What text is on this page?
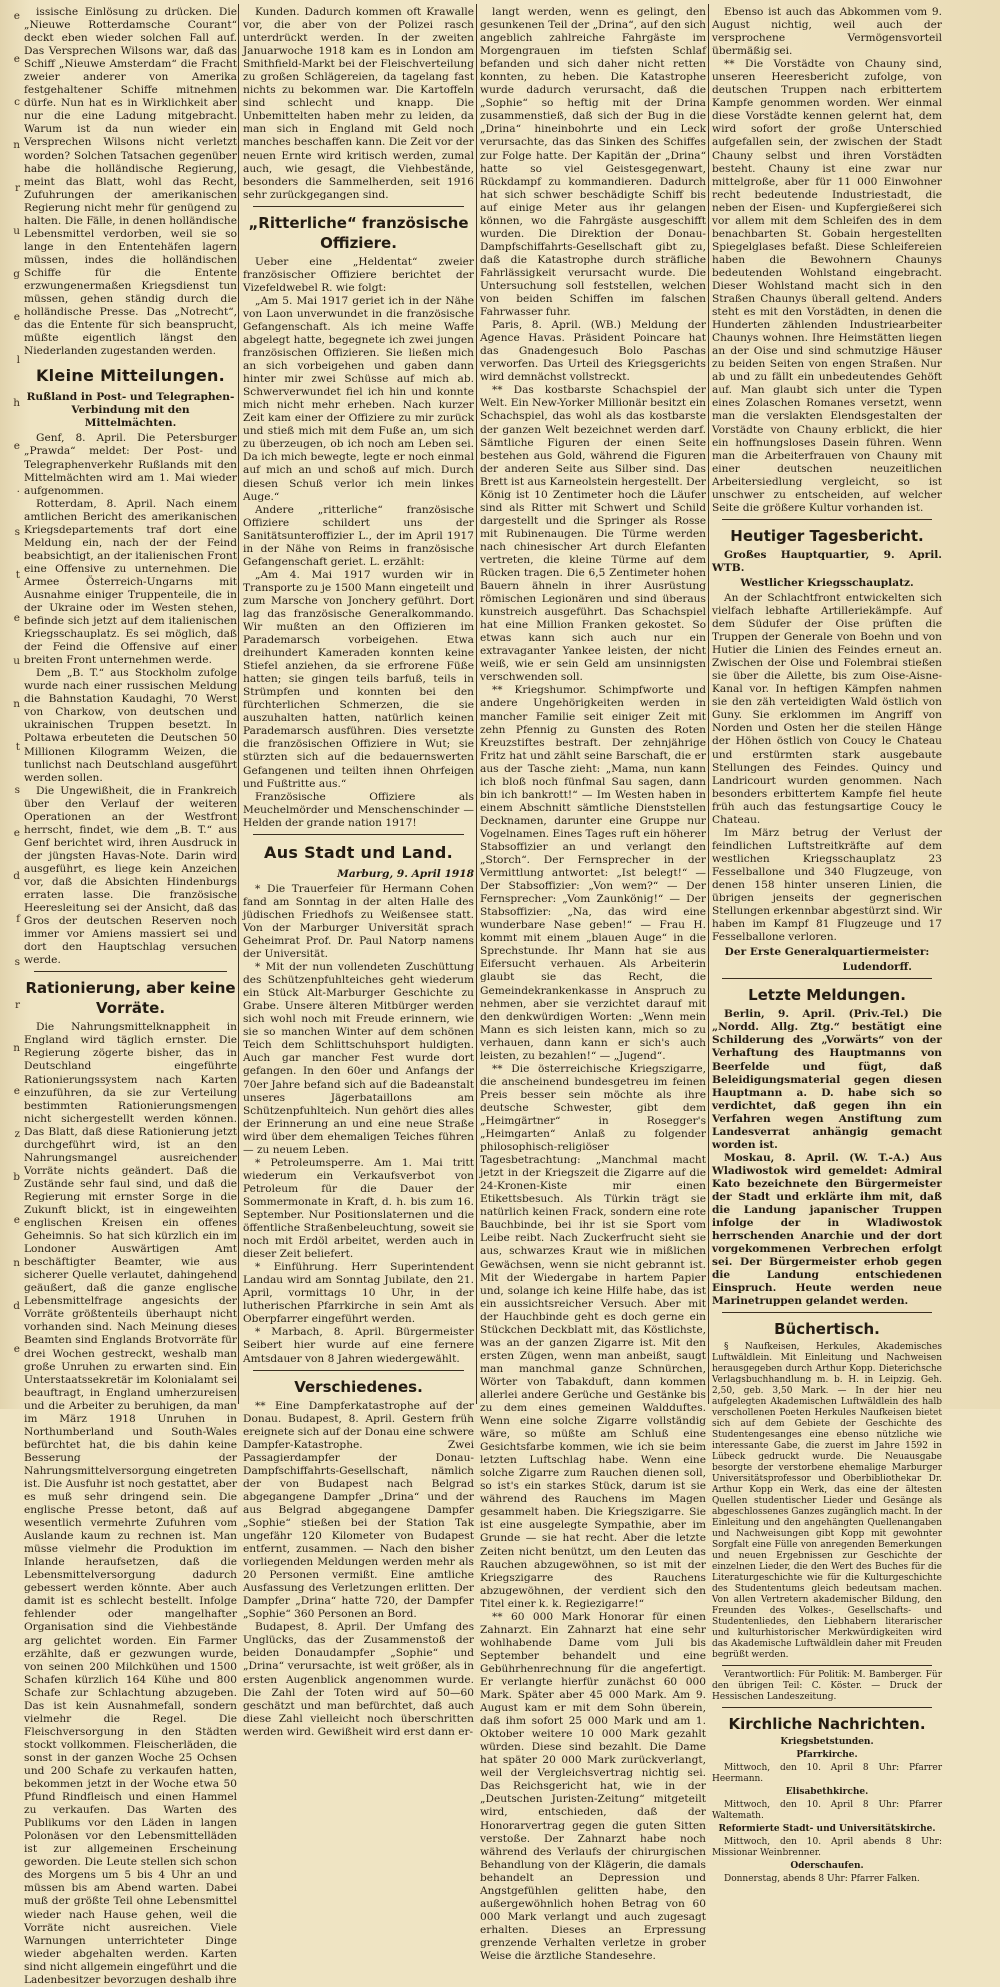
e
e
c
n
r
u
g
e
l
h
e
.
s
t
e
u
n
t
s
e
d
f
s
r
n
e
z
b
e
n
d
e

issische Einlösung zu drücken. Die „Nieuwe Rotterdamsche Courant“ deckt eben wieder solchen Fall auf. Das Versprechen Wilsons war, daß das Schiff „Nieuwe Amsterdam“ die Fracht zweier anderer von Amerika festgehaltener Schiffe mitnehmen dürfe. Nun hat es in Wirklichkeit aber nur die eine Ladung mitgebracht. Warum ist da nun wieder ein Versprechen Wilsons nicht verletzt worden? Solchen Tatsachen gegenüber habe die holländische Regierung, meint das Blatt, wohl das Recht, Zufuhrungen der amerikanischen Regierung nicht mehr für genügend zu halten. Die Fälle, in denen holländische Lebensmittel verdorben, weil sie so lange in den Ententehäfen lagern müssen, indes die holländischen Schiffe für die Entente erzwungenermaßen Kriegsdienst tun müssen, gehen ständig durch die holländische Presse. Das „Notrecht“, das die Entente für sich beansprucht, müßte eigentlich längst den Niederlanden zugestanden werden.

Kleine Mitteilungen.
Rußland in Post- und Telegraphen-Verbindung mit den Mittelmächten.

Genf, 8. April. Die Petersburger „Prawda“ meldet: Der Post- und Telegraphenverkehr Rußlands mit den Mittelmächten wird am 1. Mai wieder aufgenommen.

Rotterdam, 8. April. Nach einem amtlichen Bericht des amerikanischen Kriegsdepartements traf dort eine Meldung ein, nach der der Feind beabsichtigt, an der italienischen Front eine Offensive zu unternehmen. Die Armee Österreich-Ungarns mit Ausnahme einiger Truppenteile, die in der Ukraine oder im Westen stehen, befinde sich jetzt auf dem italienischen Kriegsschauplatz. Es sei möglich, daß der Feind die Offensive auf einer breiten Front unternehmen werde.

Dem „B. T.“ aus Stockholm zufolge wurde nach einer russischen Meldung die Bahnstation Kaudaghi, 70 Werst von Charkow, von deutschen und ukrainischen Truppen besetzt. In Poltawa erbeuteten die Deutschen 50 Millionen Kilogramm Weizen, die tunlichst nach Deutschland ausgeführt werden sollen.

Die Ungewißheit, die in Frankreich über den Verlauf der weiteren Operationen an der Westfront herrscht, findet, wie dem „B. T.“ aus Genf berichtet wird, ihren Ausdruck in der jüngsten Havas-Note. Darin wird ausgeführt, es liege kein Anzeichen vor, daß die Absichten Hindenburgs erraten lasse. Die französische Heeresleitung sei der Ansicht, daß das Gros der deutschen Reserven noch immer vor Amiens massiert sei und dort den Hauptschlag versuchen werde.

Rationierung, aber keine Vorräte.

Die Nahrungsmittelknappheit in England wird täglich ernster. Die Regierung zögerte bisher, das in Deutschland eingeführte Rationierungssystem nach Karten einzuführen, da sie zur Verteilung bestimmten Rationierungsmengen nicht sichergestellt werden können. Das Blatt, daß diese Rationierung jetzt durchgeführt wird, ist an den Nahrungsmangel ausreichender Vorräte nichts geändert. Daß die Zustände sehr faul sind, und daß die Regierung mit ernster Sorge in die Zukunft blickt, ist in eingeweihten englischen Kreisen ein offenes Geheimnis. So hat sich kürzlich ein im Londoner Auswärtigen Amt beschäftigter Beamter, wie aus sicherer Quelle verlautet, dahingehend geäußert, daß die ganze englische Lebensmittelfrage angesichts der Vorräte größtenteils überhaupt nicht vorhanden sind. Nach Meinung dieses Beamten sind Englands Brotvorräte für drei Wochen gestreckt, weshalb man große Unruhen zu erwarten sind. Ein Unterstaatssekretär im Kolonialamt sei beauftragt, in England umherzureisen und die Arbeiter zu beruhigen, da man im März 1918 Unruhen in Northumberland und South-Wales befürchtet hat, die bis dahin keine Besserung der Nahrungsmittelversorgung eingetreten ist. Die Ausfuhr ist noch gestattet, aber es muß sehr dringend sein. Die englische Presse betont, daß auf wesentlich vermehrte Zufuhren vom Auslande kaum zu rechnen ist. Man müsse vielmehr die Produktion im Inlande heraufsetzen, daß die Lebensmittelversorgung dadurch gebessert werden könnte. Aber auch damit ist es schlecht bestellt. Infolge fehlender oder mangelhafter Organisation sind die Viehbestände arg gelichtet worden. Ein Farmer erzählte, daß er gezwungen wurde, von seinen 200 Milchkühen und 1500 Schafen kürzlich 164 Kühe und 800 Schafe zur Schlachtung abzugeben. Das ist kein Ausnahmefall, sondern vielmehr die Regel. Die Fleischversorgung in den Städten stockt vollkommen. Fleischerläden, die sonst in der ganzen Woche 25 Ochsen und 200 Schafe zu verkaufen hatten, bekommen jetzt in der Woche etwa 50 Pfund Rindfleisch und einen Hammel zu verkaufen. Das Warten des Publikums vor den Läden in langen Polonäsen vor den Lebensmittelläden ist zur allgemeinen Erscheinung geworden. Die Leute stellen sich schon des Morgens um 5 bis 4 Uhr an und müssen bis am Abend warten. Dabei muß der größte Teil ohne Lebensmittel wieder nach Hause gehen, weil die Vorräte nicht ausreichen. Viele Warnungen unterrichteter Dinge wieder abgehalten werden. Karten sind nicht allgemein eingeführt und die Ladenbesitzer bevorzugen deshalb ihre

Kunden. Dadurch kommen oft Krawalle vor, die aber von der Polizei rasch unterdrückt werden. In der zweiten Januarwoche 1918 kam es in London am Smithfield-Markt bei der Fleischverteilung zu großen Schlägereien, da tagelang fast nichts zu bekommen war. Die Kartoffeln sind schlecht und knapp. Die Unbemittelten haben mehr zu leiden, da man sich in England mit Geld noch manches beschaffen kann. Die Zeit vor der neuen Ernte wird kritisch werden, zumal auch, wie gesagt, die Viehbestände, besonders die Sammelherden, seit 1916 sehr zurückgegangen sind.

„Ritterliche“ französische Offiziere.

Ueber eine „Heldentat“ zweier französischer Offiziere berichtet der Vizefeldwebel R. wie folgt:

„Am 5. Mai 1917 geriet ich in der Nähe von Laon unverwundet in die französische Gefangenschaft. Als ich meine Waffe abgelegt hatte, begegnete ich zwei jungen französischen Offizieren. Sie ließen mich an sich vorbeigehen und gaben dann hinter mir zwei Schüsse auf mich ab. Schwerverwundet fiel ich hin und konnte mich nicht mehr erheben. Nach kurzer Zeit kam einer der Offiziere zu mir zurück und stieß mich mit dem Fuße an, um sich zu überzeugen, ob ich noch am Leben sei. Da ich mich bewegte, legte er noch einmal auf mich an und schoß auf mich. Durch diesen Schuß verlor ich mein linkes Auge.“

Andere „ritterliche“ französische Offiziere schildert uns der Sanitätsunteroffizier L., der im April 1917 in der Nähe von Reims in französische Gefangenschaft geriet. L. erzählt:

„Am 4. Mai 1917 wurden wir in Transporte zu je 1500 Mann eingeteilt und zum Marsche von Jonchery geführt. Dort lag das französische Generalkommando. Wir mußten an den Offizieren im Parademarsch vorbeigehen. Etwa dreihundert Kameraden konnten keine Stiefel anziehen, da sie erfrorene Füße hatten; sie gingen teils barfuß, teils in Strümpfen und konnten bei den fürchterlichen Schmerzen, die sie auszuhalten hatten, natürlich keinen Parademarsch ausführen. Dies versetzte die französischen Offiziere in Wut; sie stürzten sich auf die bedauernswerten Gefangenen und teilten ihnen Ohrfeigen und Fußtritte aus.“

Französische Offiziere als Meuchelmörder und Menschenschinder — Helden der grande nation 1917!

Aus Stadt und Land.
Marburg, 9. April 1918

* Die Trauerfeier für Hermann Cohen fand am Sonntag in der alten Halle des jüdischen Friedhofs zu Weißensee statt. Von der Marburger Universität sprach Geheimrat Prof. Dr. Paul Natorp namens der Universität.

* Mit der nun vollendeten Zuschüttung des Schützenpfuhlteiches geht wiederum ein Stück Alt-Marburger Geschichte zu Grabe. Unsere älteren Mitbürger werden sich wohl noch mit Freude erinnern, wie sie so manchen Winter auf dem schönen Teich dem Schlittschuhsport huldigten. Auch gar mancher Fest wurde dort gefangen. In den 60er und Anfangs der 70er Jahre befand sich auf die Badeanstalt unseres Jägerbataillons am Schützenpfuhlteich. Nun gehört dies alles der Erinnerung an und eine neue Straße wird über dem ehemaligen Teiches führen — zu neuem Leben.

* Petroleumsperre. Am 1. Mai tritt wiederum ein Verkaufsverbot von Petroleum für die Dauer der Sommermonate in Kraft, d. h. bis zum 16. September. Nur Positionslaternen und die öffentliche Straßenbeleuchtung, soweit sie noch mit Erdöl arbeitet, werden auch in dieser Zeit beliefert.

* Einführung. Herr Superintendent Landau wird am Sonntag Jubilate, den 21. April, vormittags 10 Uhr, in der lutherischen Pfarrkirche in sein Amt als Oberpfarrer eingeführt werden.

* Marbach, 8. April. Bürgermeister Seibert hier wurde auf eine fernere Amtsdauer von 8 Jahren wiedergewählt.

Verschiedenes.

** Eine Dampferkatastrophe auf der Donau. Budapest, 8. April. Gestern früh ereignete sich auf der Donau eine schwere Dampfer-Katastrophe. Zwei Passagierdampfer der Donau-Dampfschiffahrts-Gesellschaft, nämlich der von Budapest nach Belgrad abgegangene Dampfer „Drina“ und der aus Belgrad abgegangene Dampfer „Sophie“ stießen bei der Station Tak ungefähr 120 Kilometer von Budapest entfernt, zusammen. — Nach den bisher vorliegenden Meldungen werden mehr als 20 Personen vermißt. Eine amtliche Ausfassung des Verletzungen erlitten. Der Dampfer „Drina“ hatte 720, der Dampfer „Sophie“ 360 Personen an Bord.

Budapest, 8. April. Der Umfang des Unglücks, das der Zusammenstoß der beiden Donaudampfer „Sophie“ und „Drina“ verursachte, ist weit größer, als in ersten Augenblick angenommen wurde. Die Zahl der Toten wird auf 50—60 geschätzt und man befürchtet, daß auch diese Zahl vielleicht noch überschritten werden wird. Gewißheit wird erst dann er-

langt werden, wenn es gelingt, den gesunkenen Teil der „Drina“, auf den sich angeblich zahlreiche Fahrgäste im Morgengrauen im tiefsten Schlaf befanden und sich daher nicht retten konnten, zu heben. Die Katastrophe wurde dadurch verursacht, daß die „Sophie“ so heftig mit der Drina zusammenstieß, daß sich der Bug in die „Drina“ hineinbohrte und ein Leck verursachte, das das Sinken des Schiffes zur Folge hatte. Der Kapitän der „Drina“ hatte so viel Geistesgegenwart, Rückdampf zu kommandieren. Dadurch hat sich schwer beschädigte Schiff bis auf einige Meter aus ihr gelangen können, wo die Fahrgäste ausgeschifft wurden. Die Direktion der Donau-Dampfschiffahrts-Gesellschaft gibt zu, daß die Katastrophe durch sträfliche Fahrlässigkeit verursacht wurde. Die Untersuchung soll feststellen, welchen von beiden Schiffen im falschen Fahrwasser fuhr.

Paris, 8. April. (WB.) Meldung der Agence Havas. Präsident Poincare hat das Gnadengesuch Bolo Paschas verworfen. Das Urteil des Kriegsgerichts wird demnächst vollstreckt.

** Das kostbarste Schachspiel der Welt. Ein New-Yorker Millionär besitzt ein Schachspiel, das wohl als das kostbarste der ganzen Welt bezeichnet werden darf. Sämtliche Figuren der einen Seite bestehen aus Gold, während die Figuren der anderen Seite aus Silber sind. Das Brett ist aus Karneolstein hergestellt. Der König ist 10 Zentimeter hoch die Läufer sind als Ritter mit Schwert und Schild dargestellt und die Springer als Rosse mit Rubinenaugen. Die Türme werden nach chinesischer Art durch Elefanten vertreten, die kleine Türme auf dem Rücken tragen. Die 6,5 Zentimeter hohen Bauern ähneln in ihrer Ausrüstung römischen Legionären und sind überaus kunstreich ausgeführt. Das Schachspiel hat eine Million Franken gekostet. So etwas kann sich auch nur ein extravaganter Yankee leisten, der nicht weiß, wie er sein Geld am unsinnigsten verschwenden soll.

** Kriegshumor. Schimpfworte und andere Ungehörigkeiten werden in mancher Familie seit einiger Zeit mit zehn Pfennig zu Gunsten des Roten Kreuzstiftes bestraft. Der zehnjährige Fritz hat und zählt seine Barschaft, die er aus der Tasche zieht: „Mama, nun kann ich bloß noch fünfmal Sau sagen, dann bin ich bankrott!“ — Im Westen haben in einem Abschnitt sämtliche Dienststellen Decknamen, darunter eine Gruppe nur Vogelnamen. Eines Tages ruft ein höherer Stabsoffizier an und verlangt den „Storch“. Der Fernsprecher in der Vermittlung antwortet: „Ist belegt!“ — Der Stabsoffizier: „Von wem?“ — Der Fernsprecher: „Vom Zaunkönig!“ — Der Stabsoffizier: „Na, das wird eine wunderbare Nase geben!“ — Frau H. kommt mit einem „blauen Auge“ in die Sprechstunde. Ihr Mann hat sie aus Eifersucht verhauen. Als Arbeiterin glaubt sie das Recht, die Gemeindekrankenkasse in Anspruch zu nehmen, aber sie verzichtet darauf mit den denkwürdigen Worten: „Wenn mein Mann es sich leisten kann, mich so zu verhauen, dann kann er sich's auch leisten, zu bezahlen!“ — „Jugend“.

** Die österreichische Kriegszigarre, die anscheinend bundesgetreu im feinen Preis besser sein möchte als ihre deutsche Schwester, gibt dem „Heimgärtner“ in Rosegger's „Heimgarten“ Anlaß zu folgender philosophisch-religiöser Tagesbetrachtung: „Manchmal macht jetzt in der Kriegszeit die Zigarre auf die 24-Kronen-Kiste mir einen Etikettsbesuch. Als Türkin trägt sie natürlich keinen Frack, sondern eine rote Bauchbinde, bei ihr ist sie Sport vom Leibe reibt. Nach Zuckerfrucht sieht sie aus, schwarzes Kraut wie in mißlichen Gewächsen, wenn sie nicht gebrannt ist. Mit der Wiedergabe in hartem Papier und, solange ich keine Hilfe habe, das ist ein aussichtsreicher Versuch. Aber mit der Hauchbinde geht es doch gerne ein Stückchen Deckblatt mit, das Köstlichste, was an der ganzen Zigarre ist. Mit den ersten Zügen, wenn man anbeißt, saugt man manchmal ganze Schnürchen, Wörter von Tabakduft, dann kommen allerlei andere Gerüche und Gestänke bis zu dem eines gemeinen Waldduftes. Wenn eine solche Zigarre vollständig wäre, so müßte am Schluß eine Gesichtsfarbe kommen, wie ich sie beim letzten Luftschlag habe. Wenn eine solche Zigarre zum Rauchen dienen soll, so ist's ein starkes Stück, darum ist sie während des Rauchens im Magen gesammelt haben. Die Kriegszigarre. Sie ist eine ausgelegte Sympathie, aber im Grunde — sie hat recht. Aber die letzte Zeiten nicht benützt, um den Leuten das Rauchen abzugewöhnen, so ist mit der Kriegszigarre des Rauchens abzugewöhnen, der verdient sich den Titel einer k. k. Regiezigarre!“

** 60 000 Mark Honorar für einen Zahnarzt. Ein Zahnarzt hat eine sehr wohlhabende Dame vom Juli bis September behandelt und eine Gebührhenrechnung für die angefertigt. Er verlangte hierfür zunächst 60 000 Mark. Später aber 45 000 Mark. Am 9. August kam er mit dem Sohn überein, daß ihm sofort 25 000 Mark und am 1. Oktober weitere 10 000 Mark gezahlt würden. Diese sind bezahlt. Die Dame hat später 20 000 Mark zurückverlangt, weil der Vergleichsvertrag nichtig sei. Das Reichsgericht hat, wie in der „Deutschen Juristen-Zeitung“ mitgeteilt wird, entschieden, daß der Honorarvertrag gegen die guten Sitten verstoße. Der Zahnarzt habe noch während des Verlaufs der chirurgischen Behandlung von der Klägerin, die damals behandelt an Depression und Angstgefühlen gelitten habe, den außergewöhnlich hohen Betrag von 60 000 Mark verlangt und auch zugesagt erhalten. Dieses an Erpressung grenzende Verhalten verletze in grober Weise die ärztliche Standesehre.

Ebenso ist auch das Abkommen vom 9. August nichtig, weil auch der versprochene Vermögensvorteil übermäßig sei.

** Die Vorstädte von Chauny sind, unseren Heeresbericht zufolge, von deutschen Truppen nach erbittertem Kampfe genommen worden. Wer einmal diese Vorstädte kennen gelernt hat, dem wird sofort der große Unterschied aufgefallen sein, der zwischen der Stadt Chauny selbst und ihren Vorstädten besteht. Chauny ist eine zwar nur mittelgroße, aber für 11 000 Einwohner recht bedeutende Industriestadt, die neben der Eisen- und Kupfergießerei sich vor allem mit dem Schleifen des in dem benachbarten St. Gobain hergestellten Spiegelglases befaßt. Diese Schleifereien haben die Bewohnern Chaunys bedeutenden Wohlstand eingebracht. Dieser Wohlstand macht sich in den Straßen Chaunys überall geltend. Anders steht es mit den Vorstädten, in denen die Hunderten zählenden Industriearbeiter Chaunys wohnen. Ihre Heimstätten liegen an der Oise und sind schmutzige Häuser zu beiden Seiten von engen Straßen. Nur ab und zu fällt ein unbedeutendes Gehöft auf. Man glaubt sich unter die Typen eines Zolaschen Romanes versetzt, wenn man die verslakten Elendsgestalten der Vorstädte von Chauny erblickt, die hier ein hoffnungsloses Dasein führen. Wenn man die Arbeiterfrauen von Chauny mit einer deutschen neuzeitlichen Arbeitersiedlung vergleicht, so ist unschwer zu entscheiden, auf welcher Seite die größere Kultur vorhanden ist.

Heutiger Tagesbericht.

Großes Hauptquartier, 9. April. WTB.

Westlicher Kriegsschauplatz.

An der Schlachtfront entwickelten sich vielfach lebhafte Artilleriekämpfe. Auf dem Südufer der Oise prüften die Truppen der Generale von Boehn und von Hutier die Linien des Feindes erneut an. Zwischen der Oise und Folembrai stießen sie über die Ailette, bis zum Oise-Aisne-Kanal vor. In heftigen Kämpfen nahmen sie den zäh verteidigten Wald östlich von Guny. Sie erklommen im Angriff von Norden und Osten her die steilen Hänge der Höhen östlich von Coucy le Chateau und erstürmten stark ausgebaute Stellungen des Feindes. Quincy und Landricourt wurden genommen. Nach besonders erbittertem Kampfe fiel heute früh auch das festungsartige Coucy le Chateau.

Im März betrug der Verlust der feindlichen Luftstreitkräfte auf dem westlichen Kriegsschauplatz 23 Fesselballone und 340 Flugzeuge, von denen 158 hinter unseren Linien, die übrigen jenseits der gegnerischen Stellungen erkennbar abgestürzt sind. Wir haben im Kampf 81 Flugzeuge und 17 Fesselballone verloren.

Der Erste Generalquartiermeister:
Ludendorff.
Letzte Meldungen.

Berlin, 9. April. (Priv.-Tel.) Die „Nordd. Allg. Ztg.“ bestätigt eine Schilderung des „Vorwärts“ von der Verhaftung des Hauptmanns von Beerfelde und fügt, daß Beleidigungsmaterial gegen diesen Hauptmann a. D. habe sich so verdichtet, daß gegen ihn ein Verfahren wegen Anstiftung zum Landesverrat anhängig gemacht worden ist.

Moskau, 8. April. (W. T.-A.) Aus Wladiwostok wird gemeldet: Admiral Kato bezeichnete den Bürgermeister der Stadt und erklärte ihm mit, daß die Landung japanischer Truppen infolge der in Wladiwostok herrschenden Anarchie und der dort vorgekommenen Verbrechen erfolgt sei. Der Bürgermeister erhob gegen die Landung entschiedenen Einspruch. Heute werden neue Marinetruppen gelandet werden.

Büchertisch.

§ Naufkeisen, Herkules, Akademisches Luftwäldlein. Mit Einleitung und Nachweisen herausgegeben durch Arthur Kopp. Dieterichsche Verlagsbuchhandlung m. b. H. in Leipzig. Geh. 2,50, geb. 3,50 Mark. — In der hier neu aufgelegten Akademischen Luftwäldlein des halb verschollenen Poeten Herkules Naufkeisen bietet sich auf dem Gebiete der Geschichte des Studentengesanges eine ebenso nützliche wie interessante Gabe, die zuerst im Jahre 1592 in Lübeck gedruckt wurde. Die Neuausgabe besorgte der verstorbene ehemalige Marburger Universitätsprofessor und Oberbibliothekar Dr. Arthur Kopp ein Werk, das eine der ältesten Quellen studentischer Lieder und Gesänge als abgeschlossenes Ganzes zugänglich macht. In der Einleitung und den angehängten Quellenangaben und Nachweisungen gibt Kopp mit gewohnter Sorgfalt eine Fülle von anregenden Bemerkungen und neuen Ergebnissen zur Geschichte der einzelnen Lieder, die den Wert des Buches für die Literaturgeschichte wie für die Kulturgeschichte des Studententums gleich bedeutsam machen. Von allen Vertretern akademischer Bildung, den Freunden des Volkes-, Gesellschafts- und Studentenliedes, den Liebhabern literarischer und kulturhistorischer Merkwürdigkeiten wird das Akademische Luftwäldlein daher mit Freuden begrüßt werden.

Verantwortlich: Für Politik: M. Bamberger. Für den übrigen Teil: C. Köster. — Druck der Hessischen Landeszeitung.

Kirchliche Nachrichten.
Kriegsbetstunden.
Pfarrkirche.

Mittwoch, den 10. April 8 Uhr: Pfarrer Heermann.

Elisabethkirche.

Mittwoch, den 10. April 8 Uhr: Pfarrer Waltemath.

Reformierte Stadt- und Universitätskirche.

Mittwoch, den 10. April abends 8 Uhr: Missionar Weinbrenner.

Oderschaufen.

Donnerstag, abends 8 Uhr: Pfarrer Falken.
